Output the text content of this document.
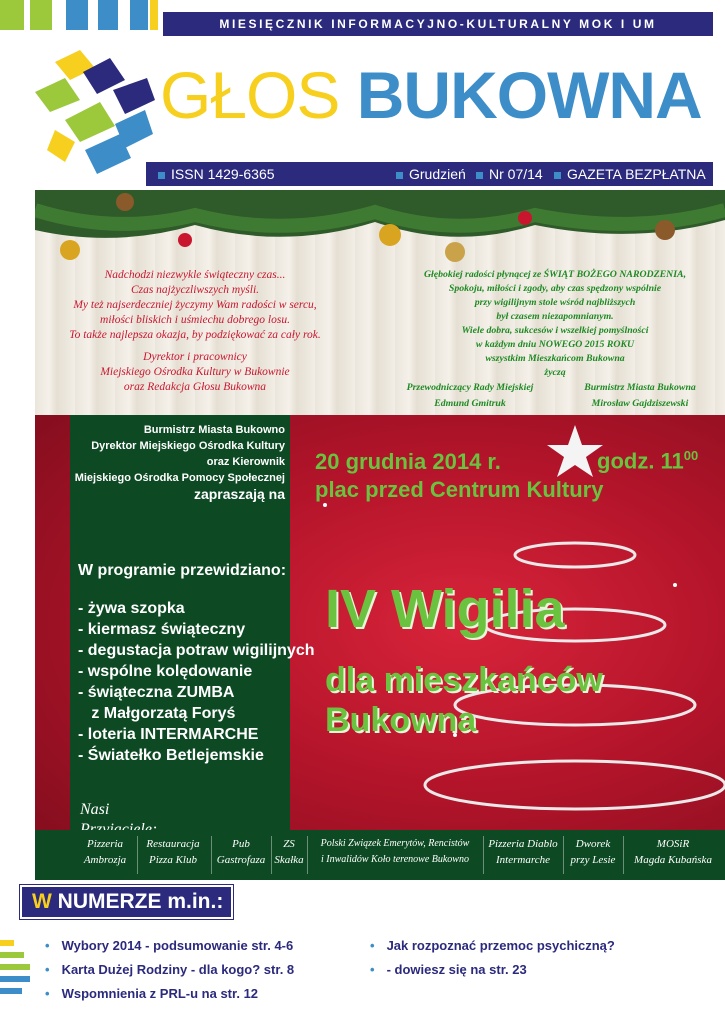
MIESIĘCZNIK INFORMACYJNO-KULTURALNY MOK I UM
GŁOS BUKOWNA
ISSN 1429-6365	Grudzień	Nr 07/14	GAZETA BEZPŁATNA
Nadchodzi niezwykle świąteczny czas...
Czas najżyczliwszych myśli.
My też najserdeczniej życzymy Wam radości w sercu,
miłości bliskich i uśmiechu dobrego losu.
To także najlepsza okazja, by podziękować za cały rok.
Dyrektor i pracownicy
Miejskiego Ośrodka Kultury w Bukownie
oraz Redakcja Głosu Bukowna
Głębokiej radości płynącej ze ŚWIĄT BOŻEGO NARODZENIA,
Spokoju, miłości i zgody, aby czas spędzony wspólnie
przy wigilijnym stole wśród najbliższych
był czasem niezapomnianym.
Wiele dobra, sukcesów i wszelkiej pomyślności
w każdym dniu NOWEGO 2015 ROKU
wszystkim Mieszkańcom Bukowna
życzą
Przewodniczący Rady Miejskiej
Edmund Gmitruk
Burmistrz Miasta Bukowna
Mirosław Gajdziszewski
Burmistrz Miasta Bukowno
Dyrektor Miejskiego Ośrodka Kultury
oraz Kierownik
Miejskiego Ośrodka Pomocy Społecznej
zapraszają na
20 grudnia 2014 r.
plac przed Centrum Kultury
godz. $11^{00}$
W programie przewidziano:
- żywa szopka
- kiermasz świąteczny
- degustacja potraw wigilijnych
- wspólne kolędowanie
- świąteczna ZUMBA
z Małgorzatą Foryś
- loteria INTERMARCHE
- Światełko Betlejemskie
IV Wigilia
dla mieszkańców
Bukowna
Nasi
Pizzeria
Ambrozja
Restauracja
Pizza Klub
Pub
Gastrofaza
ZS
Skałka
Polski Związek Emerytów, Rencistów
i Inwalidów Koło terenowe Bukowno
Pizzeria Diablo
Intermarche
Dworek
przy Lesie
MOSiR
Magda Kubańska
W NUMERZE m.in.:
• Wybory 2014 - podsumowanie str. 4-6
• Karta Dużej Rodziny - dla kogo? str. 8
• Wspomnienia z PRL-u na str. 12
• Jak rozpoznać przemoc psychiczną?
• - dowiesz się na str. 23
